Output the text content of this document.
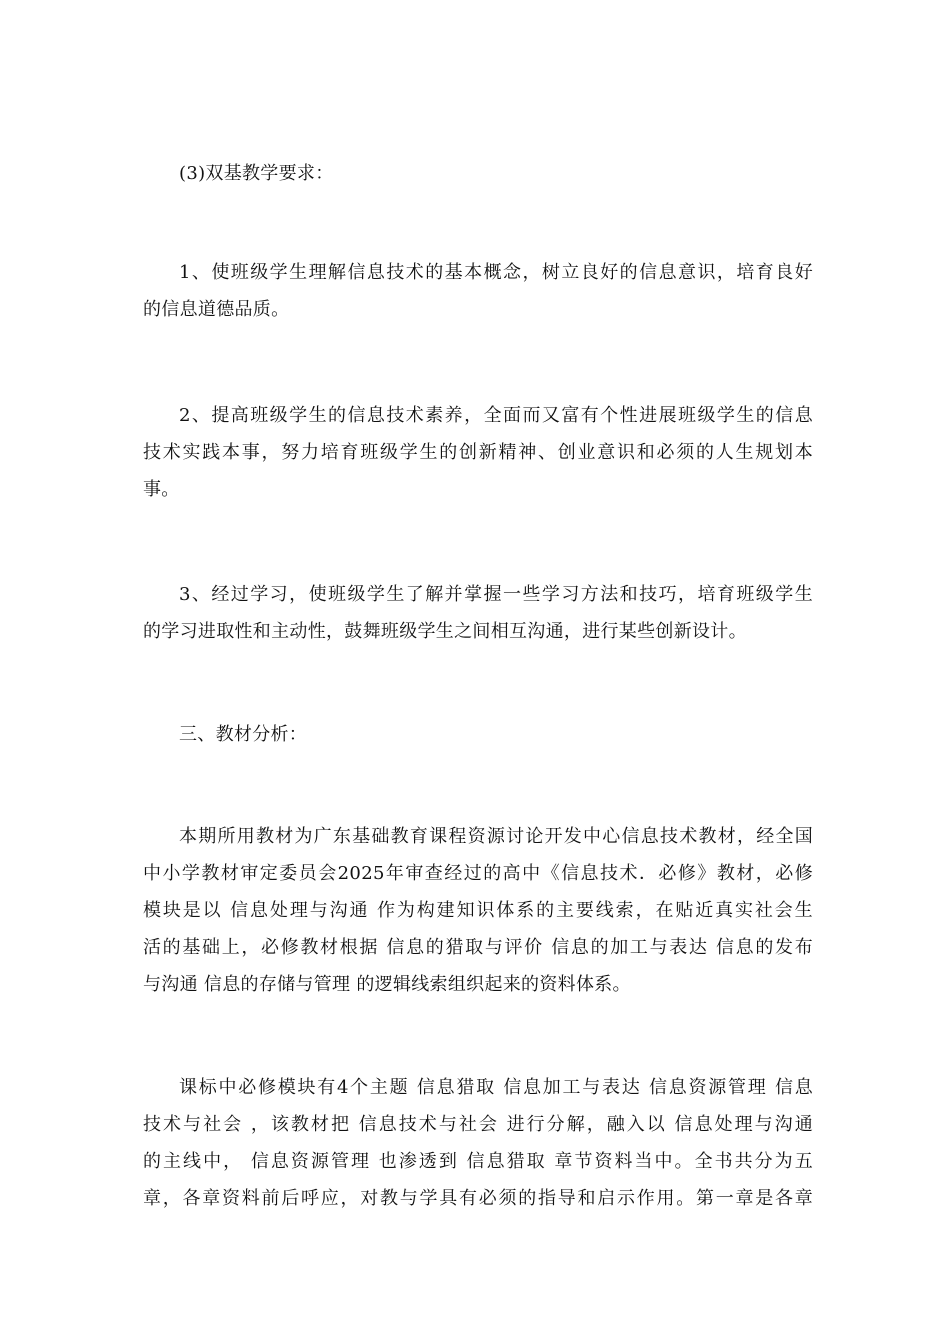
(3)双基教学要求：

1、使班级学生理解信息技术的基本概念，树立良好的信息意识，培育良好
的信息道德品质。

2、提高班级学生的信息技术素养，全面而又富有个性进展班级学生的信息
技术实践本事，努力培育班级学生的创新精神、创业意识和必须的人生规划本
事。

3、经过学习，使班级学生了解并掌握一些学习方法和技巧，培育班级学生
的学习进取性和主动性，鼓舞班级学生之间相互沟通，进行某些创新设计。

三、教材分析：

本期所用教材为广东基础教育课程资源讨论开发中心信息技术教材，经全国
中小学教材审定委员会2025年审查经过的高中《信息技术．必修》教材，必修
模块是以 信息处理与沟通 作为构建知识体系的主要线索，在贴近真实社会生
活的基础上，必修教材根据 信息的猎取与评价 信息的加工与表达 信息的发布
与沟通 信息的存储与管理 的逻辑线索组织起来的资料体系。

课标中必修模块有4个主题 信息猎取 信息加工与表达 信息资源管理 信息
技术与社会 ，该教材把 信息技术与社会 进行分解，融入以 信息处理与沟通
的主线中， 信息资源管理 也渗透到 信息猎取 章节资料当中。全书共分为五
章，各章资料前后呼应，对教与学具有必须的指导和启示作用。第一章是各章
